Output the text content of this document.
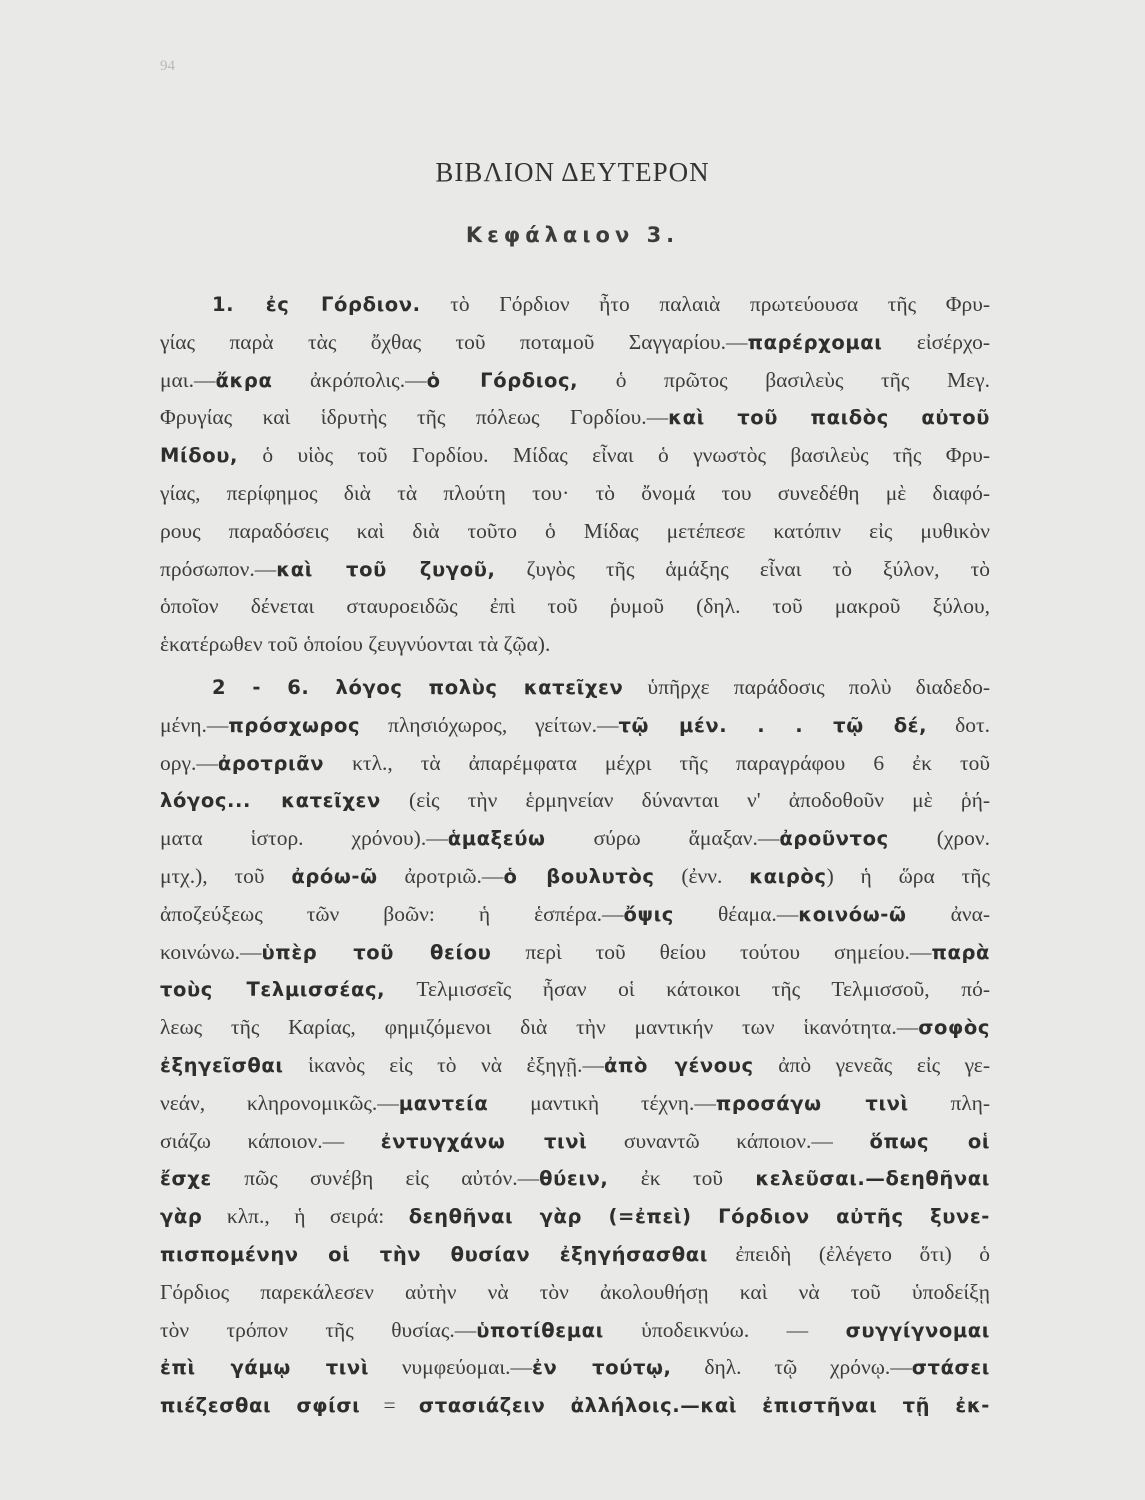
94
ΒΙΒΛΙΟΝ ΔΕΥΤΕΡΟΝ
Κεφάλαιον 3.
1. ἐς Γόρδιον. τὸ Γόρδιον ἦτο παλαιὰ πρωτεύουσα τῆς Φρυ-
γίας παρὰ τὰς ὄχθας τοῦ ποταμοῦ Σαγγαρίου.—παρέρχομαι εἰσέρχο-
μαι.—ἄκρα ἀκρόπολις.—ὁ Γόρδιος, ὁ πρῶτος βασιλεὺς τῆς Μεγ.
Φρυγίας καὶ ἱδρυτὴς τῆς πόλεως Γορδίου.—καὶ τοῦ παιδὸς αὐτοῦ
Μίδου, ὁ υἱὸς τοῦ Γορδίου. Μίδας εἶναι ὁ γνωστὸς βασιλεὺς τῆς Φρυ-
γίας, περίφημος διὰ τὰ πλούτη του· τὸ ὄνομά του συνεδέθη μὲ διαφό-
ρους παραδόσεις καὶ διὰ τοῦτο ὁ Μίδας μετέπεσε κατόπιν εἰς μυθικὸν
πρόσωπον.—καὶ τοῦ ζυγοῦ, ζυγὸς τῆς ἁμάξης εἶναι τὸ ξύλον, τὸ
ὁποῖον δένεται σταυροειδῶς ἐπὶ τοῦ ῥυμοῦ (δηλ. τοῦ μακροῦ ξύλου,
ἑκατέρωθεν τοῦ ὁποίου ζευγνύονται τὰ ζῷα).
2 - 6. λόγος πολὺς κατεῖχεν ὑπῆρχε παράδοσις πολὺ διαδεδο-
μένη.—πρόσχωρος πλησιόχωρος, γείτων.—τῷ μέν. . . τῷ δέ, δοτ.
οργ.—ἀροτριᾶν κτλ., τὰ ἀπαρέμφατα μέχρι τῆς παραγράφου 6 ἐκ τοῦ
λόγος... κατεῖχεν (εἰς τὴν ἑρμηνείαν δύνανται ν' ἀποδοθοῦν μὲ ῥή-
ματα ἱστορ. χρόνου).—ἁμαξεύω σύρω ἅμαξαν.—ἀροῦντος (χρον.
μτχ.), τοῦ ἀρόω-ῶ ἀροτριῶ.—ὁ βουλυτὸς (ἐνν. καιρὸς) ἡ ὥρα τῆς
ἀποζεύξεως τῶν βοῶν: ἡ ἑσπέρα.—ὄψις θέαμα.—κοινόω-ῶ ἀνα-
κοινώνω.—ὑπὲρ τοῦ θείου περὶ τοῦ θείου τούτου σημείου.—παρὰ
τοὺς Τελμισσέας, Τελμισσεῖς ἦσαν οἱ κάτοικοι τῆς Τελμισσοῦ, πό-
λεως τῆς Καρίας, φημιζόμενοι διὰ τὴν μαντικήν των ἱκανότητα.—σοφὸς
ἐξηγεῖσθαι ἱκανὸς εἰς τὸ νὰ ἐξηγῇ.—ἀπὸ γένους ἀπὸ γενεᾶς εἰς γε-
νεάν, κληρονομικῶς.—μαντεία μαντικὴ τέχνη.—προσάγω τινὶ πλη-
σιάζω κάποιον.— ἐντυγχάνω τινὶ συναντῶ κάποιον.— ὅπως οἱ
ἔσχε πῶς συνέβη εἰς αὐτόν.—θύειν, ἐκ τοῦ κελεῦσαι.—δεηθῆναι
γὰρ κλπ., ἡ σειρά: δεηθῆναι γὰρ (=ἐπεὶ) Γόρδιον αὐτῆς ξυνε-
πισπομένην οἱ τὴν θυσίαν ἐξηγήσασθαι ἐπειδὴ (ἐλέγετο ὅτι) ὁ
Γόρδιος παρεκάλεσεν αὐτὴν νὰ τὸν ἀκολουθήσῃ καὶ νὰ τοῦ ὑποδείξῃ
τὸν τρόπον τῆς θυσίας.—ὑποτίθεμαι ὑποδεικνύω. — συγγίγνομαι
ἐπὶ γάμῳ τινὶ νυμφεύομαι.—ἐν τούτῳ, δηλ. τῷ χρόνῳ.—στάσει
πιέζεσθαι σφίσι = στασιάζειν ἀλλήλοις.—καὶ ἐπιστῆναι τῇ ἐκ-
